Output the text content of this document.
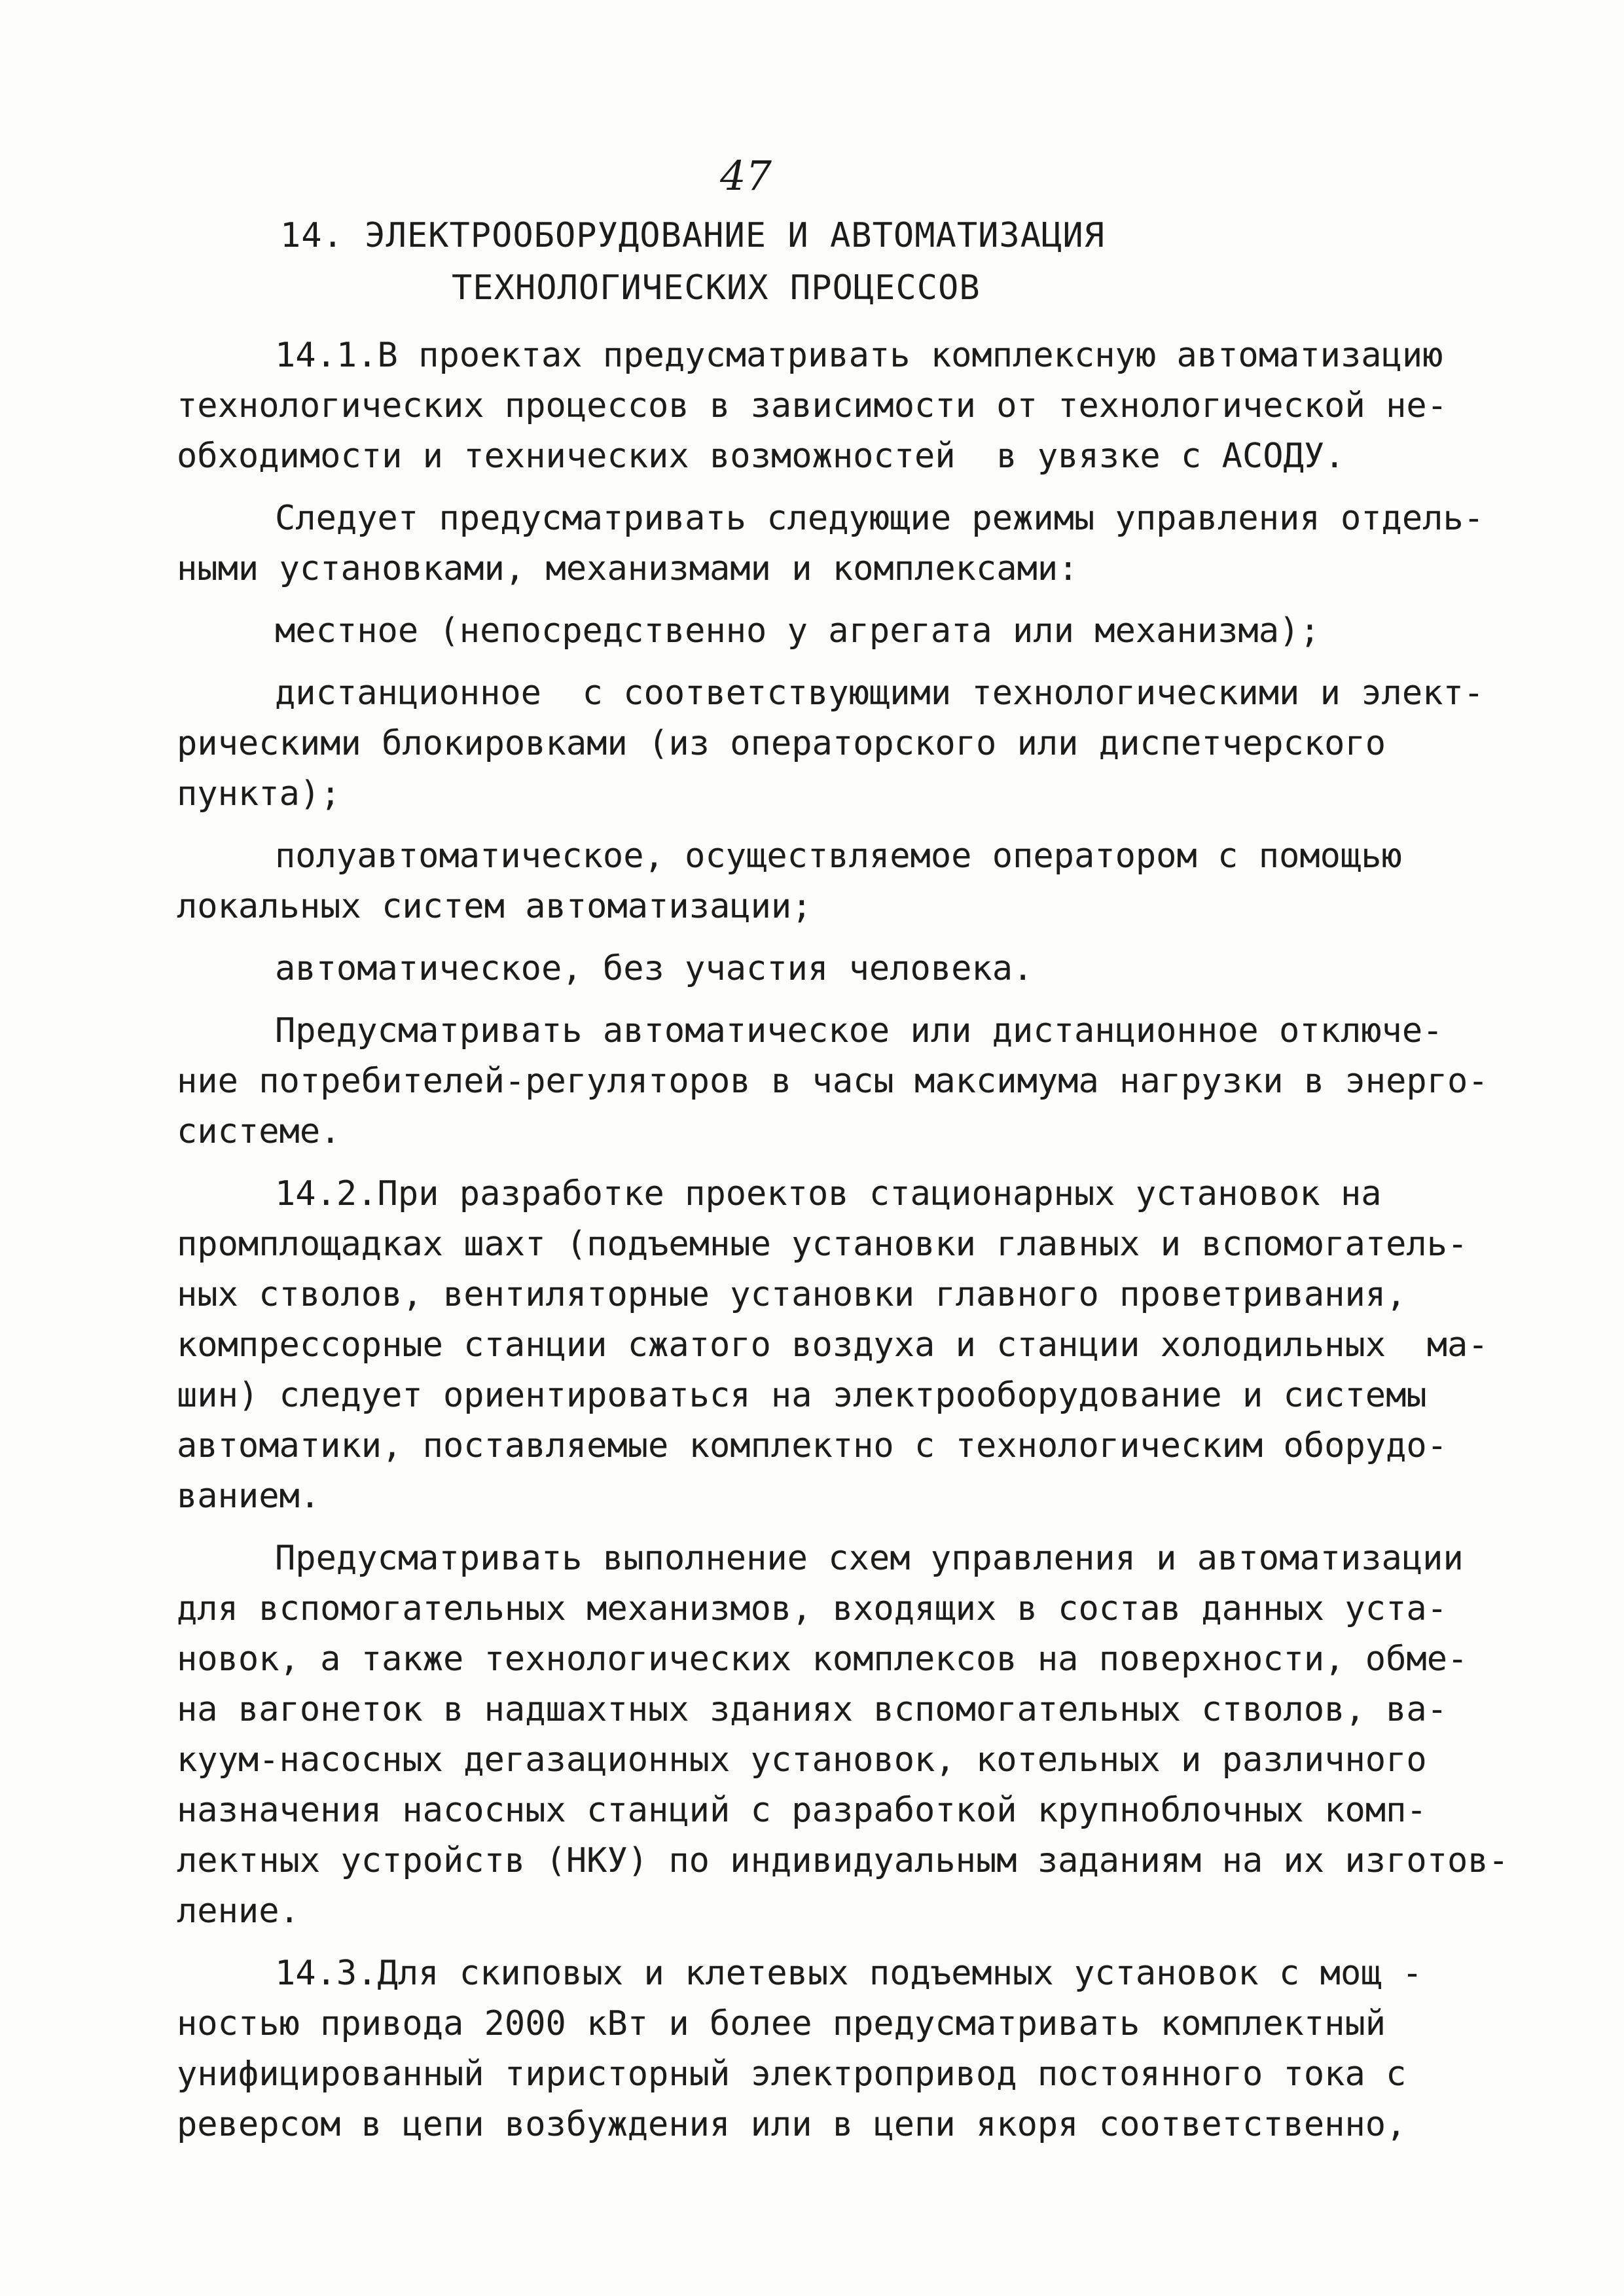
47
14. ЭЛЕКТРООБОРУДОВАНИЕ И АВТОМАТИЗАЦИЯ
ТЕХНОЛОГИЧЕСКИХ ПРОЦЕССОВ
14.1.В проектах предусматривать комплексную автоматизацию
технологических процессов в зависимости от технологической не-
обходимости и технических возможностей  в увязке с АСОДУ.
Следует предусматривать следующие режимы управления отдель-
ными установками, механизмами и комплексами:
местное (непосредственно у агрегата или механизма);
дистанционное  с соответствующими технологическими и элект-
рическими блокировками (из операторского или диспетчерского
пункта);
полуавтоматическое, осуществляемое оператором с помощью
локальных систем автоматизации;
автоматическое, без участия человека.
Предусматривать автоматическое или дистанционное отключе-
ние потребителей-регуляторов в часы максимума нагрузки в энерго-
системе.
14.2.При разработке проектов стационарных установок на
промплощадках шахт (подъемные установки главных и вспомогатель-
ных стволов, вентиляторные установки главного проветривания,
компрессорные станции сжатого воздуха и станции холодильных  ма-
шин) следует ориентироваться на электрооборудование и системы
автоматики, поставляемые комплектно с технологическим оборудо-
ванием.
Предусматривать выполнение схем управления и автоматизации
для вспомогательных механизмов, входящих в состав данных уста-
новок, а также технологических комплексов на поверхности, обме-
на вагонеток в надшахтных зданиях вспомогательных стволов, ва-
куум-насосных дегазационных установок, котельных и различного
назначения насосных станций с разработкой крупноблочных комп-
лектных устройств (НКУ) по индивидуальным заданиям на их изготов-
ление.
14.3.Для скиповых и клетевых подъемных установок с мощ -
ностью привода 2000 кВт и более предусматривать комплектный
унифицированный тиристорный электропривод постоянного тока с
реверсом в цепи возбуждения или в цепи якоря соответственно,
